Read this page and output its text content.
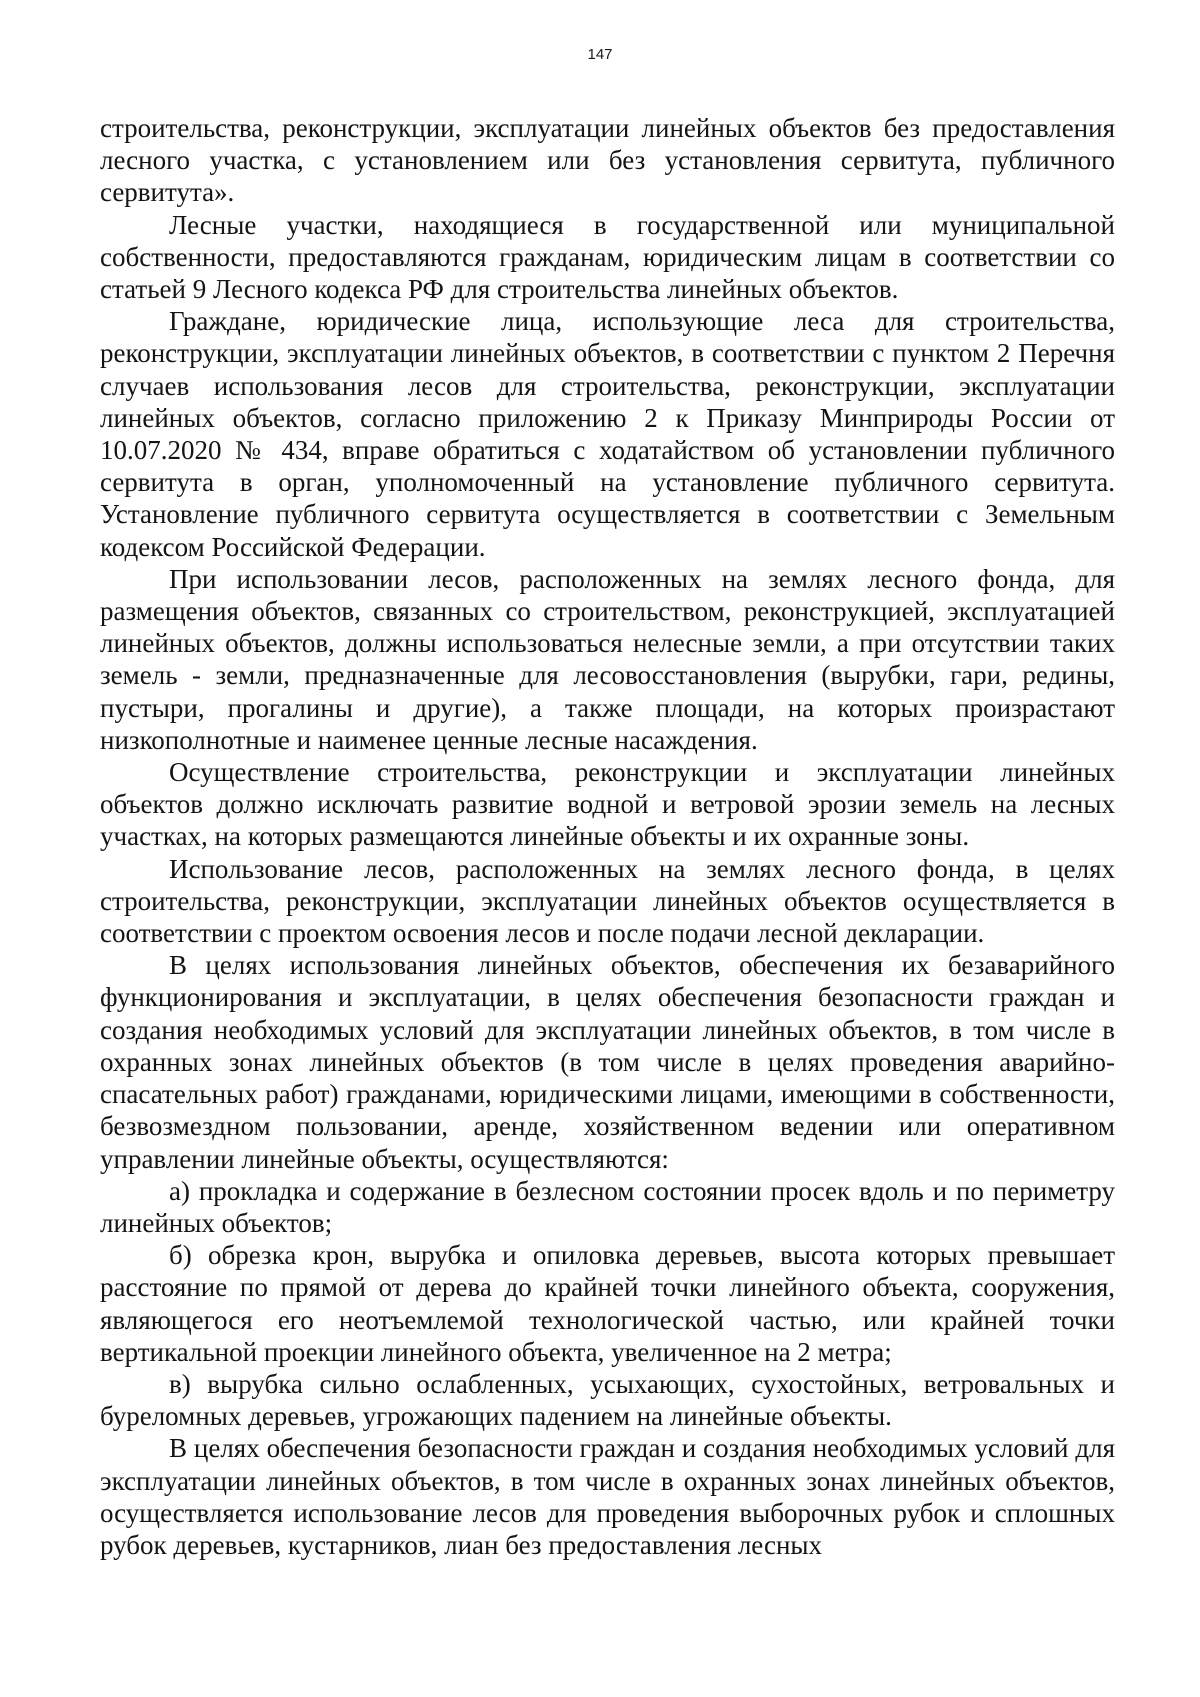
147

строительства, реконструкции, эксплуатации линейных объектов без предоставления лесного участка, с установлением или без установления сервитута, публичного сервитута».

Лесные участки, находящиеся в государственной или муниципальной собственности, предоставляются гражданам, юридическим лицам в соответствии со статьей 9 Лесного кодекса РФ для строительства линейных объектов.

Граждане, юридические лица, использующие леса для строительства, реконструкции, эксплуатации линейных объектов, в соответствии с пунктом 2 Перечня случаев использования лесов для строительства, реконструкции, эксплуатации линейных объектов, согласно приложению 2 к Приказу Минприроды России от 10.07.2020 № 434, вправе обратиться с ходатайством об установлении публичного сервитута в орган, уполномоченный на установление публичного сервитута. Установление публичного сервитута осуществляется в соответствии с Земельным кодексом Российской Федерации.

При использовании лесов, расположенных на землях лесного фонда, для размещения объектов, связанных со строительством, реконструкцией, эксплуатацией линейных объектов, должны использоваться нелесные земли, а при отсутствии таких земель - земли, предназначенные для лесовосстановления (вырубки, гари, редины, пустыри, прогалины и другие), а также площади, на которых произрастают низкополнотные и наименее ценные лесные насаждения.

Осуществление строительства, реконструкции и эксплуатации линейных объектов должно исключать развитие водной и ветровой эрозии земель на лесных участках, на которых размещаются линейные объекты и их охранные зоны.

Использование лесов, расположенных на землях лесного фонда, в целях строительства, реконструкции, эксплуатации линейных объектов осуществляется в соответствии с проектом освоения лесов и после подачи лесной декларации.

В целях использования линейных объектов, обеспечения их безаварийного функционирования и эксплуатации, в целях обеспечения безопасности граждан и создания необходимых условий для эксплуатации линейных объектов, в том числе в охранных зонах линейных объектов (в том числе в целях проведения аварийно-спасательных работ) гражданами, юридическими лицами, имеющими в собственности, безвозмездном пользовании, аренде, хозяйственном ведении или оперативном управлении линейные объекты, осуществляются:

а) прокладка и содержание в безлесном состоянии просек вдоль и по периметру линейных объектов;

б) обрезка крон, вырубка и опиловка деревьев, высота которых превышает расстояние по прямой от дерева до крайней точки линейного объекта, сооружения, являющегося его неотъемлемой технологической частью, или крайней точки вертикальной проекции линейного объекта, увеличенное на 2 метра;

в) вырубка сильно ослабленных, усыхающих, сухостойных, ветровальных и буреломных деревьев, угрожающих падением на линейные объекты.

В целях обеспечения безопасности граждан и создания необходимых условий для эксплуатации линейных объектов, в том числе в охранных зонах линейных объектов, осуществляется использование лесов для проведения выборочных рубок и сплошных рубок деревьев, кустарников, лиан без предоставления лесных
